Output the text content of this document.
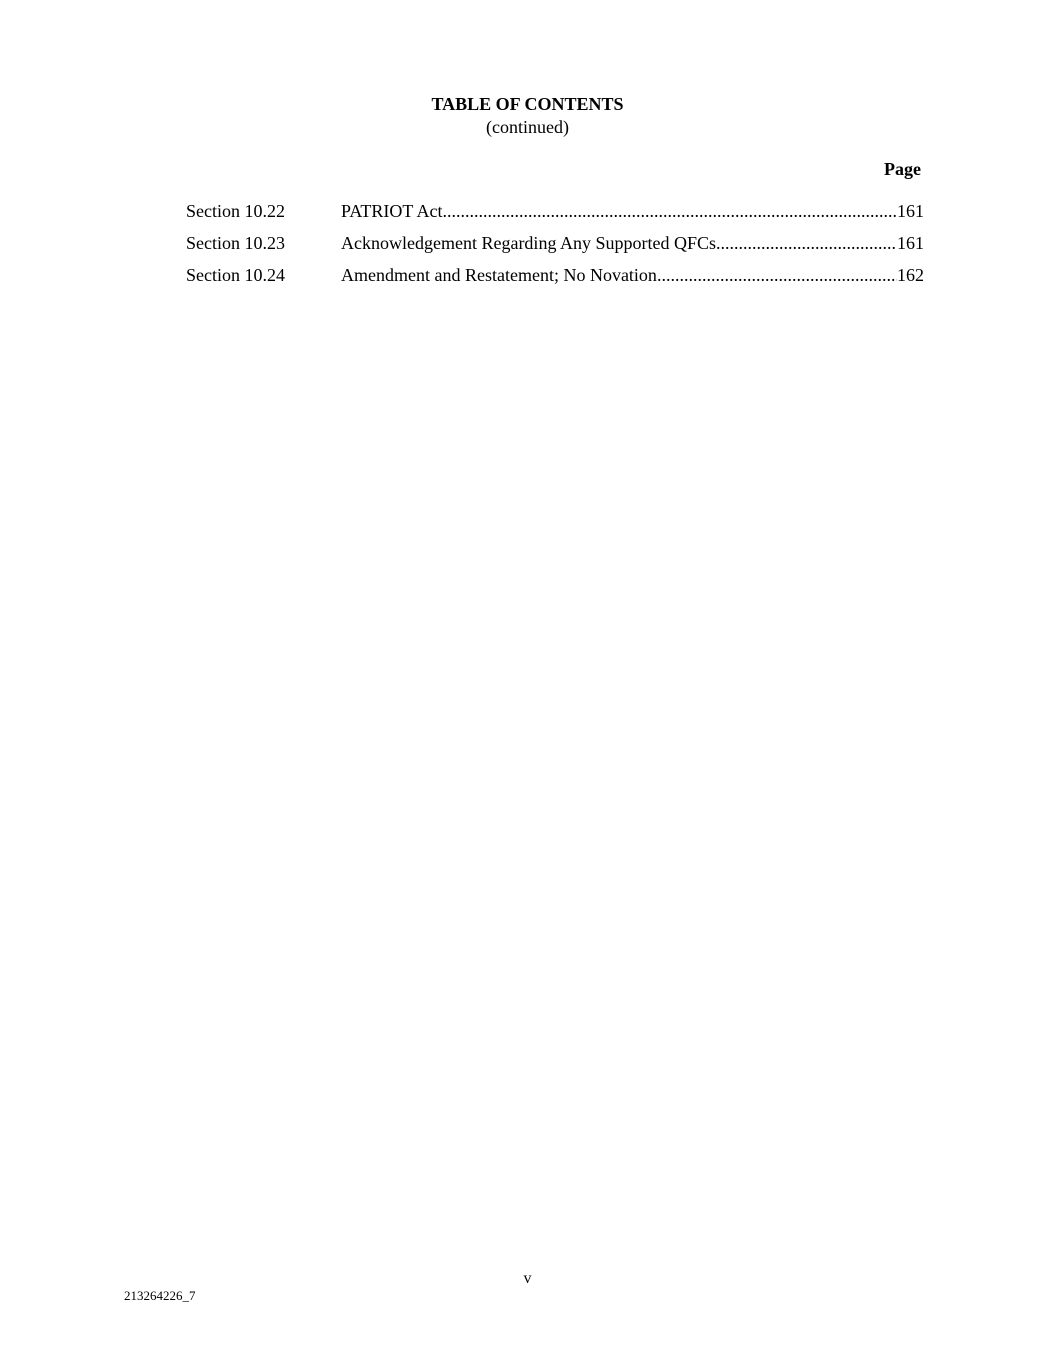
TABLE OF CONTENTS
(continued)
Page
Section 10.22	PATRIOT Act .....	161
Section 10.23	Acknowledgement Regarding Any Supported QFCs .....	161
Section 10.24	Amendment and Restatement; No Novation .....	162
v
213264226_7
